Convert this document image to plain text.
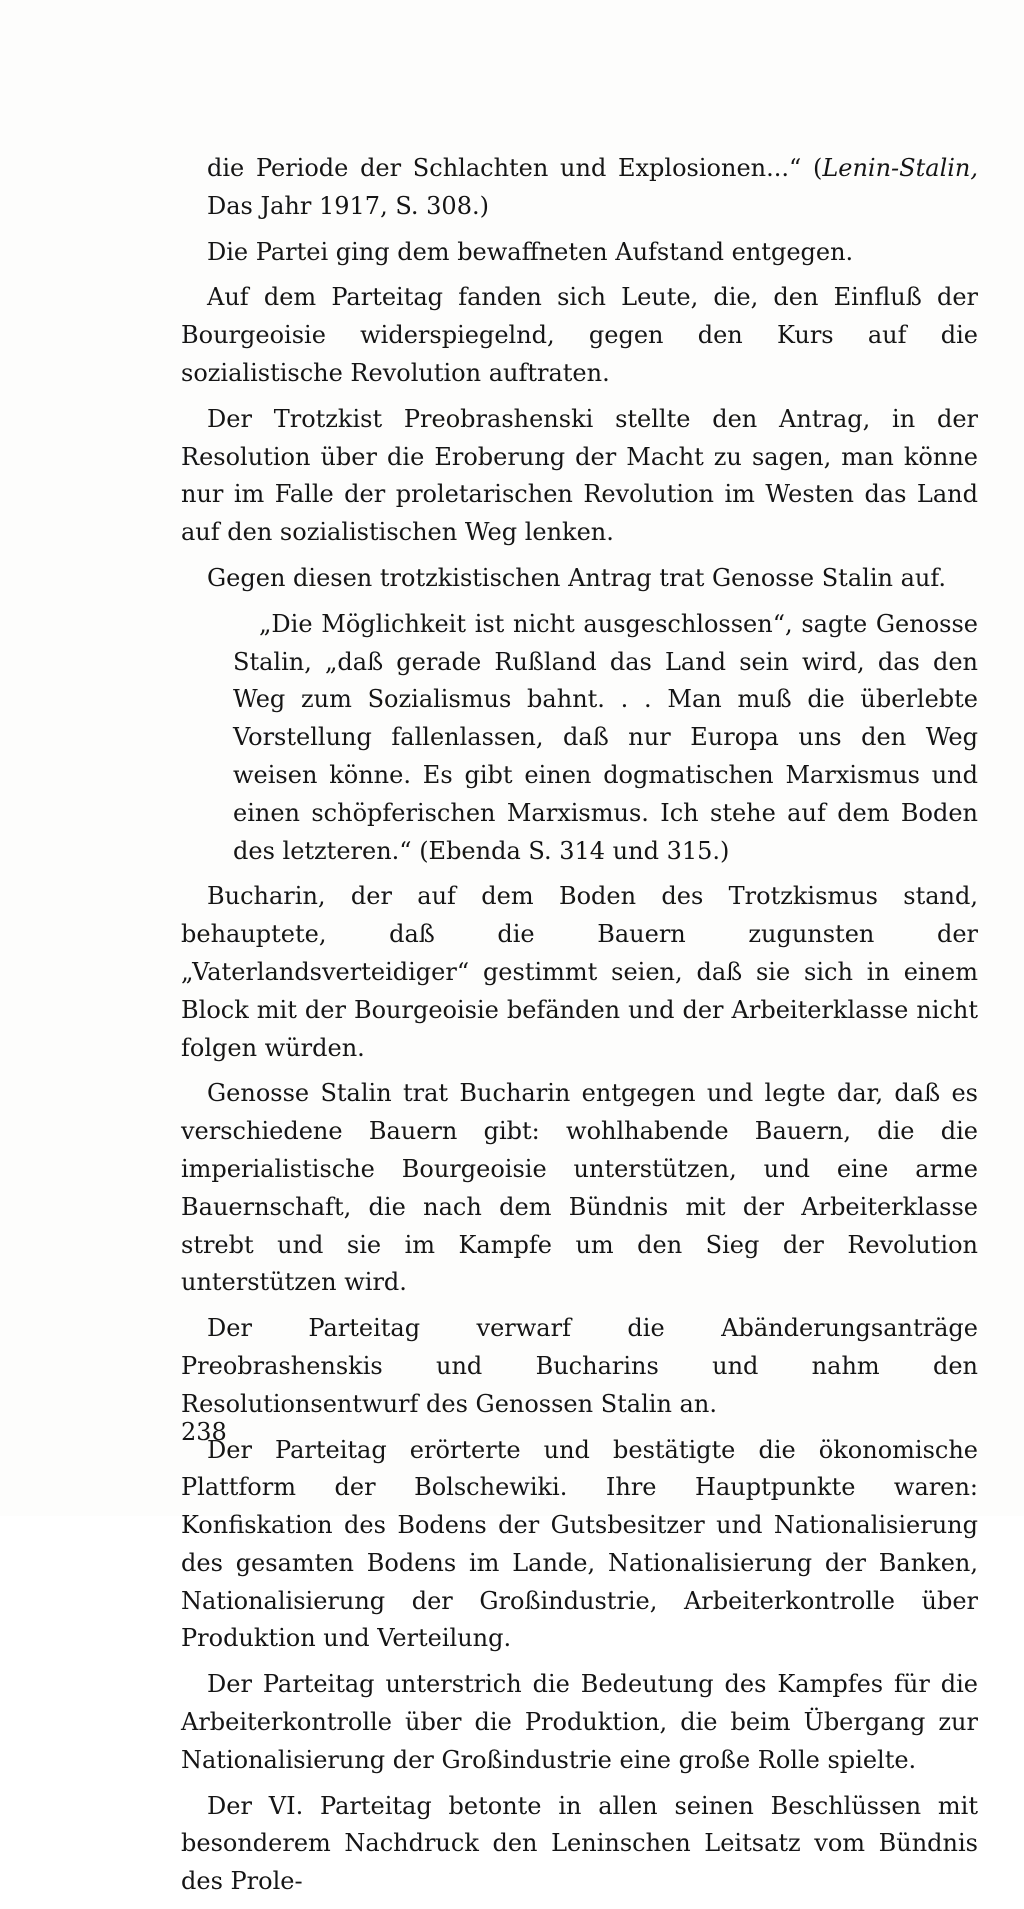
die Periode der Schlachten und Explosionen...“ (Lenin-Stalin, Das Jahr 1917, S. 308.)

Die Partei ging dem bewaffneten Aufstand entgegen.

Auf dem Parteitag fanden sich Leute, die, den Einfluß der Bourgeoisie widerspiegelnd, gegen den Kurs auf die sozialistische Revolution auftraten.

Der Trotzkist Preobrashenski stellte den Antrag, in der Resolution über die Eroberung der Macht zu sagen, man könne nur im Falle der proletarischen Revolution im Westen das Land auf den sozialistischen Weg lenken.

Gegen diesen trotzkistischen Antrag trat Genosse Stalin auf.

„Die Möglichkeit ist nicht ausgeschlossen“, sagte Genosse Stalin, „daß gerade Rußland das Land sein wird, das den Weg zum Sozialismus bahnt. . . Man muß die überlebte Vorstellung fallenlassen, daß nur Europa uns den Weg weisen könne. Es gibt einen dogmatischen Marxismus und einen schöpferischen Marxismus. Ich stehe auf dem Boden des letzteren.“ (Ebenda S. 314 und 315.)

Bucharin, der auf dem Boden des Trotzkismus stand, behauptete, daß die Bauern zugunsten der „Vaterlandsverteidiger“ gestimmt seien, daß sie sich in einem Block mit der Bourgeoisie befänden und der Arbeiterklasse nicht folgen würden.

Genosse Stalin trat Bucharin entgegen und legte dar, daß es verschiedene Bauern gibt: wohlhabende Bauern, die die imperialistische Bourgeoisie unterstützen, und eine arme Bauernschaft, die nach dem Bündnis mit der Arbeiterklasse strebt und sie im Kampfe um den Sieg der Revolution unterstützen wird.

Der Parteitag verwarf die Abänderungsanträge Preobrashenskis und Bucharins und nahm den Resolutionsentwurf des Genossen Stalin an.

Der Parteitag erörterte und bestätigte die ökonomische Plattform der Bolschewiki. Ihre Hauptpunkte waren: Konfiskation des Bodens der Gutsbesitzer und Nationalisierung des gesamten Bodens im Lande, Nationalisierung der Banken, Nationalisierung der Großindustrie, Arbeiterkontrolle über Produktion und Verteilung.

Der Parteitag unterstrich die Bedeutung des Kampfes für die Arbeiterkontrolle über die Produktion, die beim Übergang zur Nationalisierung der Großindustrie eine große Rolle spielte.

Der VI. Parteitag betonte in allen seinen Beschlüssen mit besonderem Nachdruck den Leninschen Leitsatz vom Bündnis des Prole-

238
